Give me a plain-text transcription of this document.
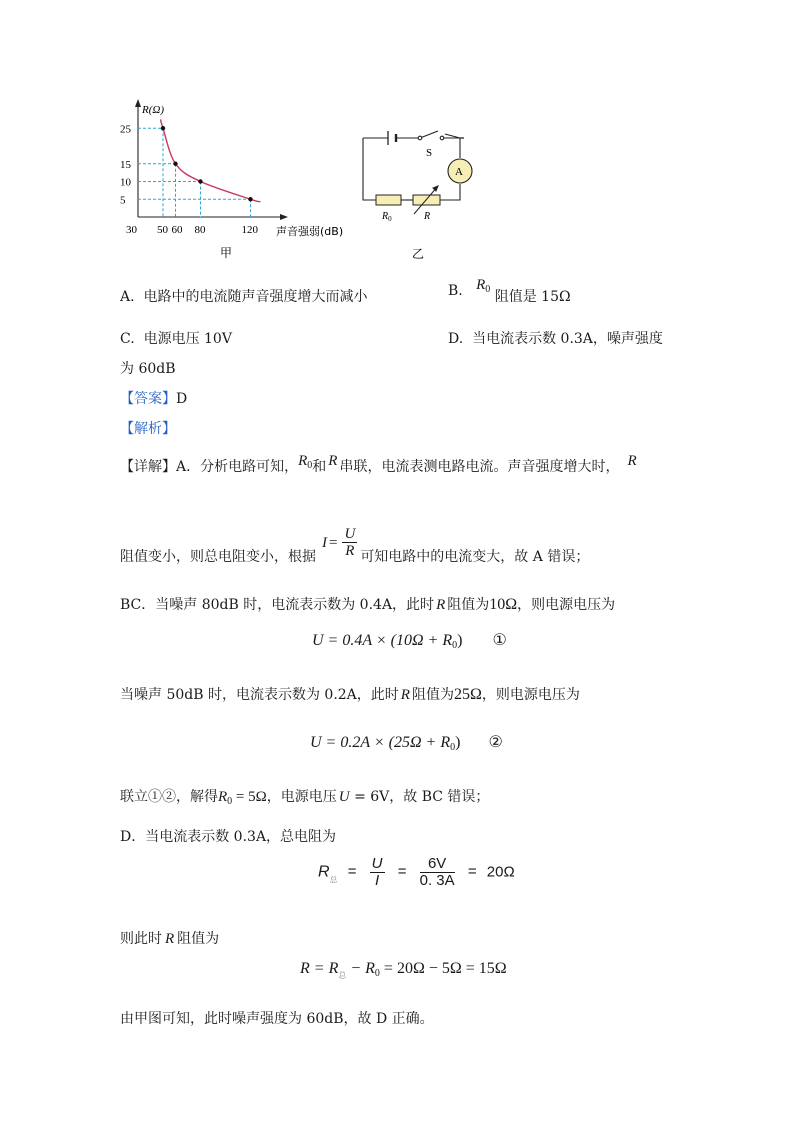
25
15
10
5
30 50 60 80	120
R(Ω)
声音强弱(dB)
甲
S
A
$R_0$	R
乙
A. 电路中的电流随声音强度增大而减小	B. $R_0$ 阻值是 15Ω
C. 电源电压 10V	D. 当电流表示数 0.3A，噪声强度
为 60dB
【答案】D
【解析】
【详解】A．分析电路可知，$R_0$和 R 串联，电流表测电路电流。声音强度增大时， R
阻值变小，则总电阻变小，根据$I = \frac{U}{R}$ 可知电路中的电流变大，故 A 错误；
BC．当噪声 80dB 时，电流表示数为 0.4A，此时 R 阻值为10Ω，则电源电压为
$U = 0.4A \times (10\Omega + R_0)$ ①
当噪声 50dB 时，电流表示数为 0.2A，此时 R 阻值为25Ω，则电源电压为
$U = 0.2A \times (25\Omega + R_0)$ ②
联立①②，解得$R_0 = 5\Omega$，电源电压 U = 6V，故 BC 错误；
D．当电流表示数 0.3A，总电阻为
$R_总 = \frac{U}{I} = \frac{6V}{0. 3A} = 20\Omega$
则此时 R 阻值为
$R = R_总 - R_0 = 20\Omega - 5\Omega = 15\Omega$
由甲图可知，此时噪声强度为 60dB，故 D 正确。
